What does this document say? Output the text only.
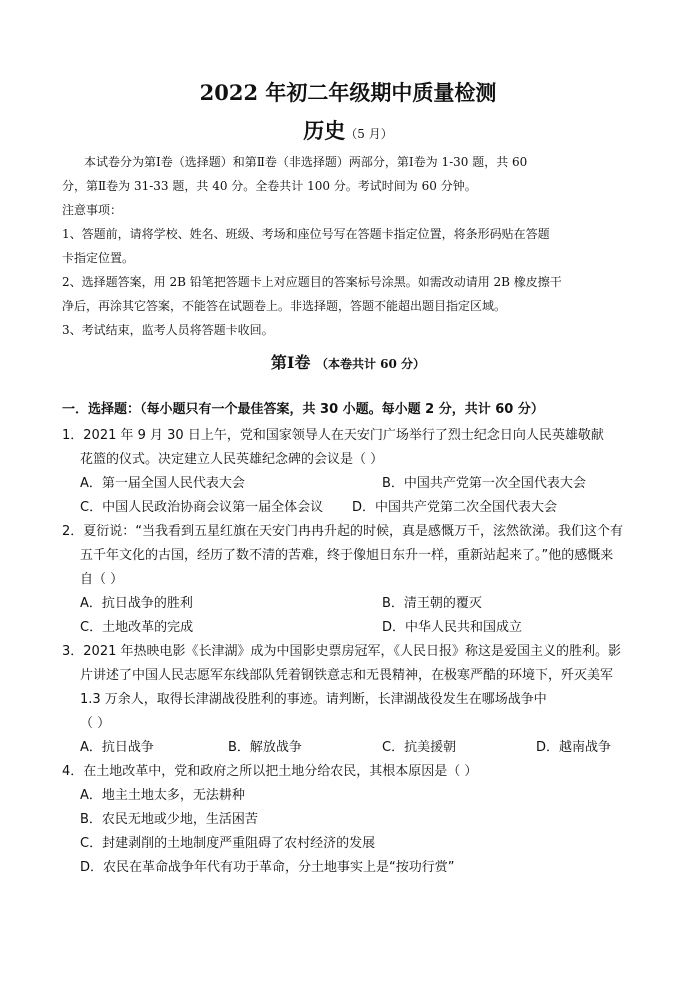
2022 年初二年级期中质量检测
历史（5 月）
本试卷分为第Ⅰ卷（选择题）和第Ⅱ卷（非选择题）两部分，第Ⅰ卷为 1-30 题，共 60
分，第Ⅱ卷为 31-33 题，共 40 分。全卷共计 100 分。考试时间为 60 分钟。
注意事项：
1、答题前，请将学校、姓名、班级、考场和座位号写在答题卡指定位置，将条形码贴在答题
卡指定位置。
2、选择题答案，用 2B 铅笔把答题卡上对应题目的答案标号涂黑。如需改动请用 2B 橡皮擦干
净后，再涂其它答案，不能答在试题卷上。非选择题，答题不能超出题目指定区域。
3、考试结束，监考人员将答题卡收回。
第Ⅰ卷 （本卷共计 60 分）
一．选择题：（每小题只有一个最佳答案，共 30 小题。每小题 2 分，共计 60 分）
1．2021 年 9 月 30 日上午，党和国家领导人在天安门广场举行了烈士纪念日向人民英雄敬献
花篮的仪式。决定建立人民英雄纪念碑的会议是（ ）
A．第一届全国人民代表大会	B．中国共产党第一次全国代表大会
C．中国人民政治协商会议第一届全体会议 D．中国共产党第二次全国代表大会
2．夏衍说：“当我看到五星红旗在天安门冉冉升起的时候，真是感慨万千，泫然欲涕。我们这个有
五千年文化的古国，经历了数不清的苦难，终于像旭日东升一样，重新站起来了。”他的感慨来
自（ ）
A．抗日战争的胜利	B．清王朝的覆灭
C．土地改革的完成	D．中华人民共和国成立
3．2021 年热映电影《长津湖》成为中国影史票房冠军，《人民日报》称这是爱国主义的胜利。影
片讲述了中国人民志愿军东线部队凭着钢铁意志和无畏精神，在极寒严酷的环境下，歼灭美军
1.3 万余人，取得长津湖战役胜利的事迹。请判断，长津湖战役发生在哪场战争中
（ ）
A．抗日战争	B．解放战争	C．抗美援朝	D．越南战争
4．在土地改革中，党和政府之所以把土地分给农民，其根本原因是（ ）
A．地主土地太多，无法耕种
B．农民无地或少地，生活困苦
C．封建剥削的土地制度严重阻碍了农村经济的发展
D．农民在革命战争年代有功于革命，分土地事实上是“按功行赏”
